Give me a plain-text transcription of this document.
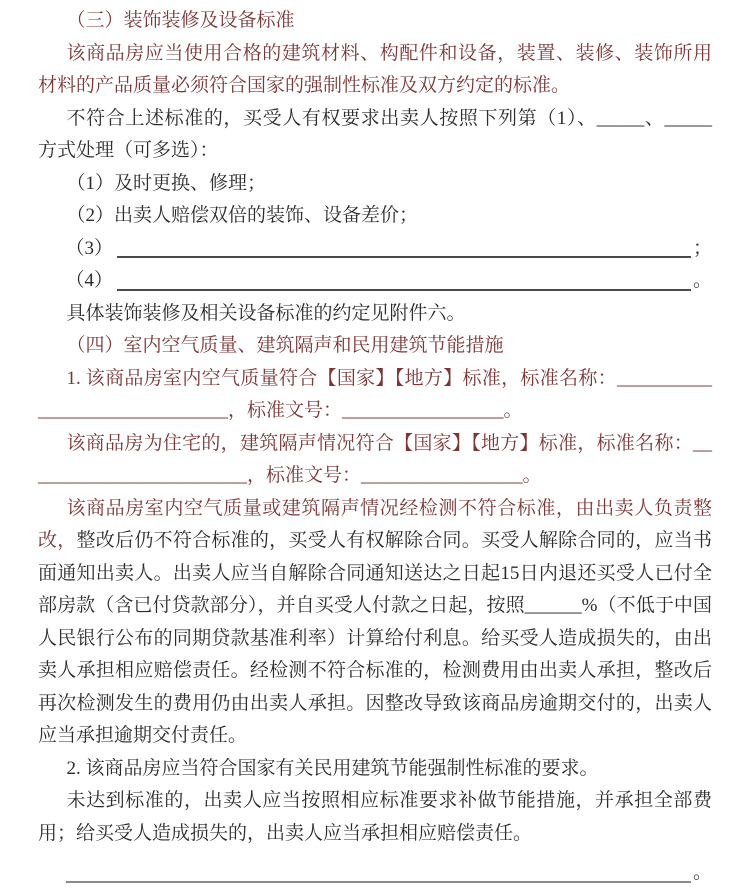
（三）装饰装修及设备标准

该商品房应当使用合格的建筑材料、构配件和设备，装置、装修、装饰所用材料的产品质量必须符合国家的强制性标准及双方约定的标准。

不符合上述标准的，买受人有权要求出卖人按照下列第（1）、_____、_____方式处理（可多选）：

（1）及时更换、修理；

（2）出卖人赔偿双倍的装饰、设备差价；

（3）	；
（4）	。

具体装饰装修及相关设备标准的约定见附件六。

（四）室内空气质量、建筑隔声和民用建筑节能措施

1. 该商品房室内空气质量符合【国家】【地方】标准，标准名称：______________________________，标准文号：_________________。

该商品房为住宅的，建筑隔声情况符合【国家】【地方】标准，标准名称：________________________，标准文号：_________________。

该商品房室内空气质量或建筑隔声情况经检测不符合标准，由出卖人负责整改，整改后仍不符合标准的，买受人有权解除合同。买受人解除合同的，应当书面通知出卖人。出卖人应当自解除合同通知送达之日起15日内退还买受人已付全部房款（含已付贷款部分），并自买受人付款之日起，按照______%（不低于中国人民银行公布的同期贷款基准利率）计算给付利息。给买受人造成损失的，由出卖人承担相应赔偿责任。经检测不符合标准的，检测费用由出卖人承担，整改后再次检测发生的费用仍由出卖人承担。因整改导致该商品房逾期交付的，出卖人应当承担逾期交付责任。

2. 该商品房应当符合国家有关民用建筑节能强制性标准的要求。

未达到标准的，出卖人应当按照相应标准要求补做节能措施，并承担全部费用；给买受人造成损失的，出卖人应当承担相应赔偿责任。

。
